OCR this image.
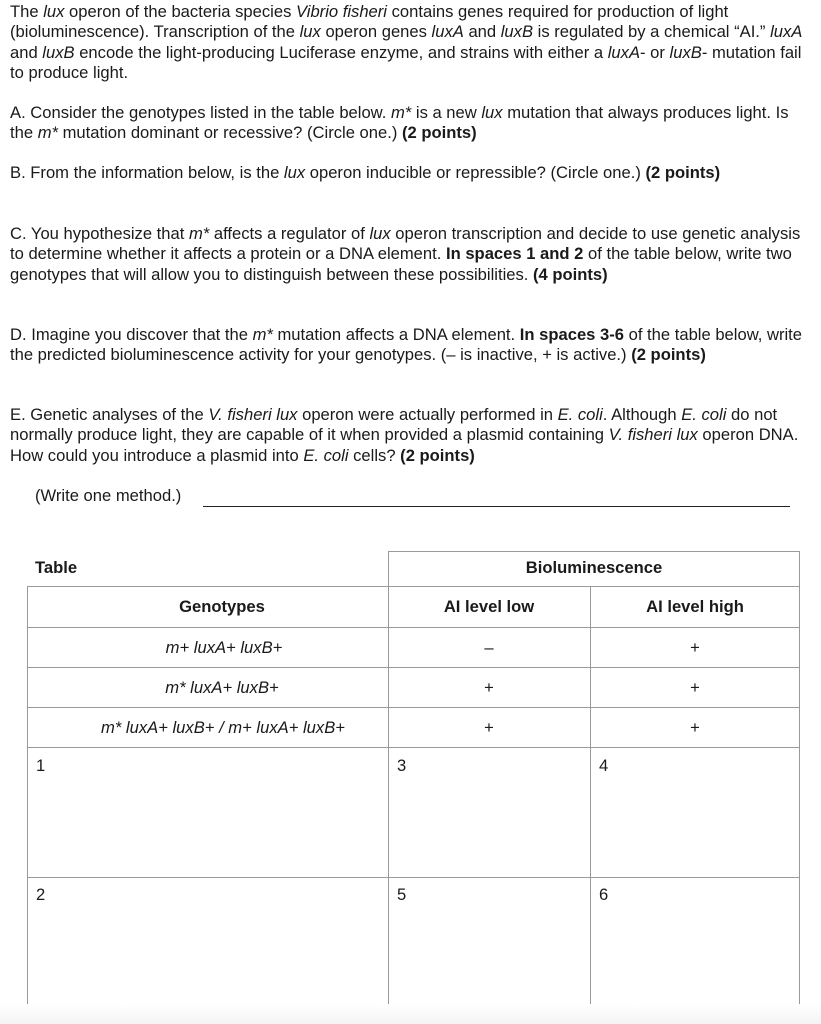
The lux operon of the bacteria species Vibrio fisheri contains genes required for production of light (bioluminescence). Transcription of the lux operon genes luxA and luxB is regulated by a chemical “AI.” luxA and luxB encode the light-producing Luciferase enzyme, and strains with either a luxA- or luxB- mutation fail to produce light.

A. Consider the genotypes listed in the table below. m* is a new lux mutation that always produces light. Is the m* mutation dominant or recessive? (Circle one.) (2 points)

B. From the information below, is the lux operon inducible or repressible? (Circle one.) (2 points)

C. You hypothesize that m* affects a regulator of lux operon transcription and decide to use genetic analysis to determine whether it affects a protein or a DNA element. In spaces 1 and 2 of the table below, write two genotypes that will allow you to distinguish between these possibilities. (4 points)

D. Imagine you discover that the m* mutation affects a DNA element. In spaces 3-6 of the table below, write the predicted bioluminescence activity for your genotypes. (– is inactive, + is active.) (2 points)

E. Genetic analyses of the V. fisheri lux operon were actually performed in E. coli. Although E. coli do not normally produce light, they are capable of it when provided a plasmid containing V. fisheri lux operon DNA. How could you introduce a plasmid into E. coli cells? (2 points)

(Write one method.)
Table	Bioluminescence
Genotypes	AI level low	AI level high
m+ luxA+ luxB+	–	+
m* luxA+ luxB+	+	+
m* luxA+ luxB+ / m+ luxA+ luxB+	+	+
1	3	4
2	5	6
